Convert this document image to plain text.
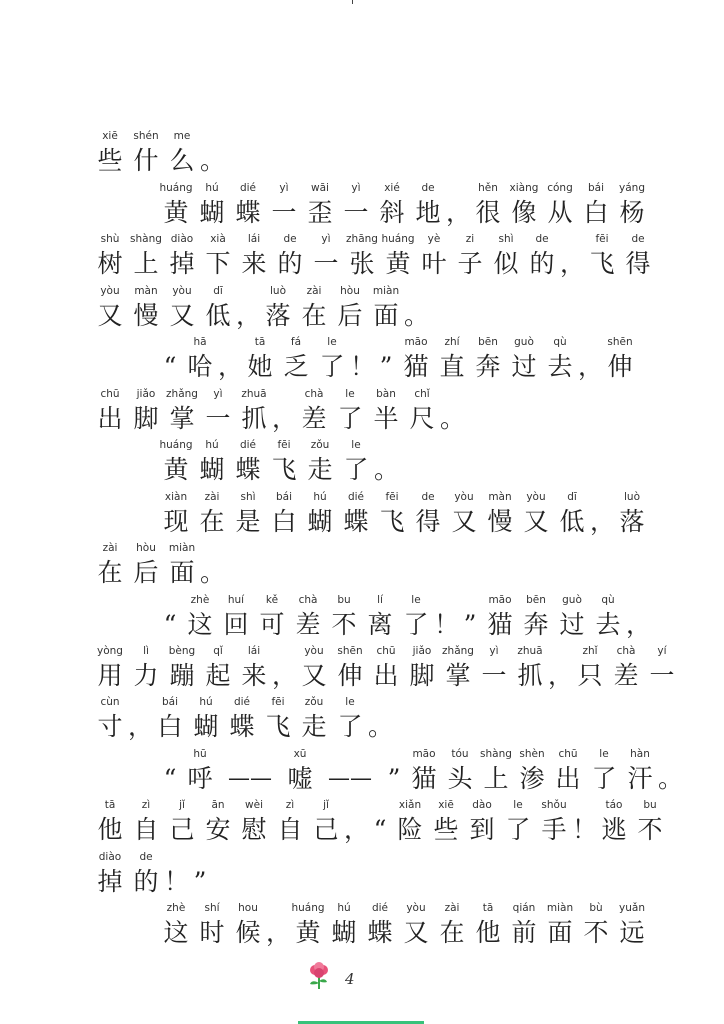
xiē
些
shén
什
me
么 。
huáng
黄
hú
蝴
dié
蝶
yì
一
wāi
歪
yì
一
xié
斜
de
地 ，
hěn
很
xiàng
像
cóng
从
bái
白
yáng
杨
shù
树
shàng
上
diào
掉
xià
下
lái
来
de
的
yì
一
zhāng
张
huáng
黄
yè
叶
zi
子
shì
似
de
的 ，
fēi
飞
de
得
yòu
又
màn
慢
yòu
又
dī
低 ，
luò
落
zài
在
hòu
后
miàn
面 。
“
hā
哈 ，
tā
她
fá
乏
le
了 ！ ”
māo
猫
zhí
直
bēn
奔
guò
过
qù
去 ，
shēn
伸
chū
出
jiǎo
脚
zhǎng
掌
yì
一
zhuā
抓 ，
chà
差
le
了
bàn
半
chǐ
尺 。
huáng
黄
hú
蝴
dié
蝶
fēi
飞
zǒu
走
le
了 。
xiàn
现
zài
在
shì
是
bái
白
hú
蝴
dié
蝶
fēi
飞
de
得
yòu
又
màn
慢
yòu
又
dī
低 ，
luò
落
zài
在
hòu
后
miàn
面 。
“
zhè
这
huí
回
kě
可
chà
差
bu
不
lí
离
le
了 ！ ”
māo
猫
bēn
奔
guò
过
qù
去 ，
yòng
用
lì
力
bèng
蹦
qǐ
起
lái
来 ，
yòu
又
shēn
伸
chū
出
jiǎo
脚
zhǎng
掌
yì
一
zhuā
抓 ，
zhǐ
只
chà
差
yí
一
cùn
寸 ，
bái
白
hú
蝴
dié
蝶
fēi
飞
zǒu
走
le
了 。
“
hū
呼 ——
xū
嘘 —— ”
māo
猫
tóu
头
shàng
上
shèn
渗
chū
出
le
了
hàn
汗 。
tā
他
zì
自
jǐ
己
ān
安
wèi
慰
zì
自
jǐ
己 ， “
xiǎn
险
xiē
些
dào
到
le
了
shǒu
手 ！
táo
逃
bu
不
diào
掉
de
的 ！ ”
zhè
这
shí
时
hou
候 ，
huáng
黄
hú
蝴
dié
蝶
yòu
又
zài
在
tā
他
qián
前
miàn
面
bù
不
yuǎn
远
4
